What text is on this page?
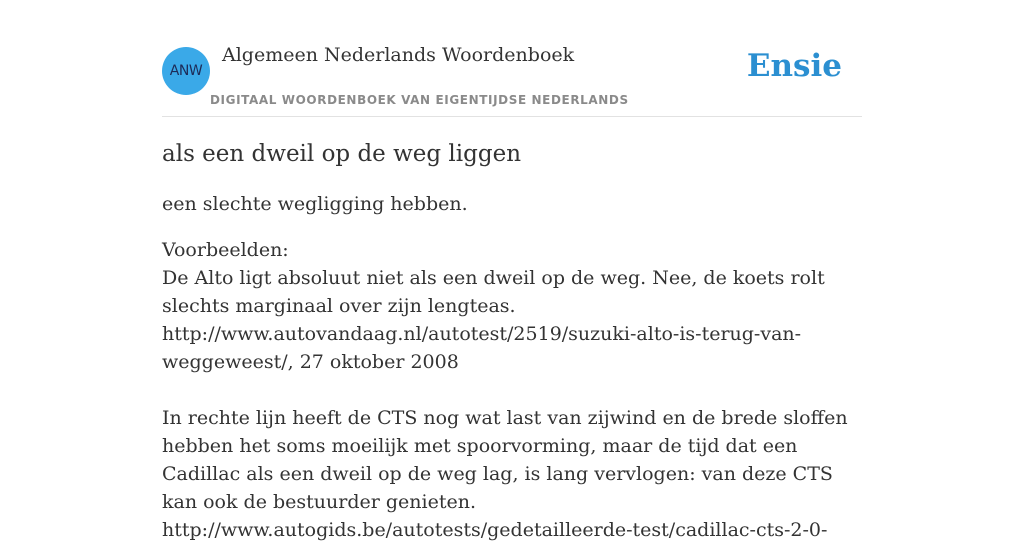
ANW
Algemeen Nederlands Woordenboek
DIGITAAL WOORDENBOEK VAN EIGENTIJDSE NEDERLANDS
Ensie
als een dweil op de weg liggen

een slechte wegligging hebben.

Voorbeelden:
De Alto ligt absoluut niet als een dweil op de weg. Nee, de koets rolt slechts marginaal over zijn lengteas.
http://www.autovandaag.nl/autotest/2519/suzuki-alto-is-terug-van-
weggeweest/, 27 oktober 2008
In rechte lijn heeft de CTS nog wat last van zijwind en de brede sloffen hebben het soms moeilijk met spoorvorming, maar de tijd dat een Cadillac als een dweil op de weg lag, is lang vervlogen: van deze CTS kan ook de bestuurder genieten.
http://www.autogids.be/autotests/gedetailleerde-test/cadillac-cts-2-0-
